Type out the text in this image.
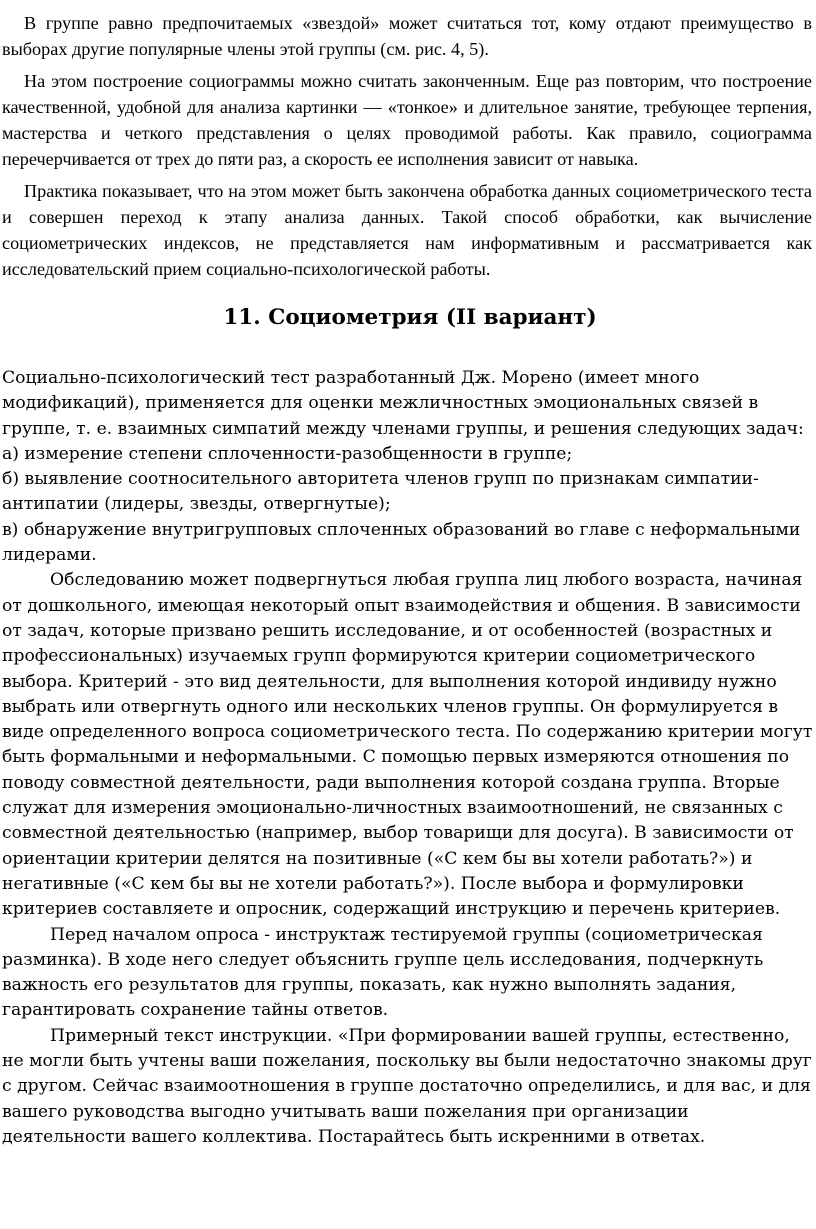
В группе равно предпочитаемых «звездой» может считаться тот, кому отдают преимущество в выборах другие популярные члены этой группы (см. рис. 4, 5).

На этом построение социограммы можно считать законченным. Еще раз повторим, что построение качественной, удобной для анализа картинки — «тонкое» и длительное занятие, требующее терпения, мастерства и четкого представления о целях проводимой работы. Как правило, социограмма перечерчивается от трех до пяти раз, а скорость ее исполнения зависит от навыка.

Практика показывает, что на этом может быть закончена обработка данных социометрического теста и совершен переход к этапу анализа данных. Такой способ обработки, как вычисление социометрических индексов, не представляется нам информативным и рассматривается как исследовательский прием социально-психологической работы.

11. Социометрия (II вариант)

Социально-психологический тест разработанный Дж. Морено (имеет много модификаций), применяется для оценки межличностных эмоциональных связей в группе, т. е. взаимных симпатий между членами группы, и решения следующих задач:

а) измерение степени сплоченности-разобщенности в группе;

б) выявление соотносительного авторитета членов групп по признакам симпатии-антипатии (лидеры, звезды, отвергнутые);

в) обнаружение внутригрупповых сплоченных образований во главе с неформальными лидерами.

Обследованию может подвергнуться любая группа лиц любого возраста, начиная от дошкольного, имеющая некоторый опыт взаимодействия и общения. В зависимости от задач, которые призвано решить исследование, и от особенностей (возрастных и профессиональных) изучаемых групп формируются критерии социометрического выбора. Критерий - это вид деятельности, для выполнения которой индивиду нужно выбрать или отвергнуть одного или нескольких членов группы. Он формулируется в виде определенного вопроса социометрического теста. По содержанию критерии могут быть формальными и неформальными. С помощью первых измеряются отношения по поводу совместной деятельности, ради выполнения которой создана группа. Вторые служат для измерения эмоционально-личностных взаимоотношений, не связанных с совместной деятельностью (например, выбор товарищи для досуга). В зависимости от ориентации критерии делятся на позитивные («С кем бы вы хотели работать?») и негативные («С кем бы вы не хотели работать?»). После выбора и формулировки критериев составляете и опросник, содержащий инструкцию и перечень критериев.

Перед началом опроса - инструктаж тестируемой группы (социометрическая разминка). В ходе него следует объяснить группе цель исследования, подчеркнуть важность его результатов для группы, показать, как нужно выполнять задания, гарантировать сохранение тайны ответов.

Примерный текст инструкции. «При формировании вашей группы, естественно, не могли быть учтены ваши пожелания, поскольку вы были недостаточно знакомы друг с другом. Сейчас взаимоотношения в группе достаточно определились, и для вас, и для вашего руководства выгодно учитывать ваши пожелания при организации деятельности вашего коллектива. Постарайтесь быть искренними в ответах.
